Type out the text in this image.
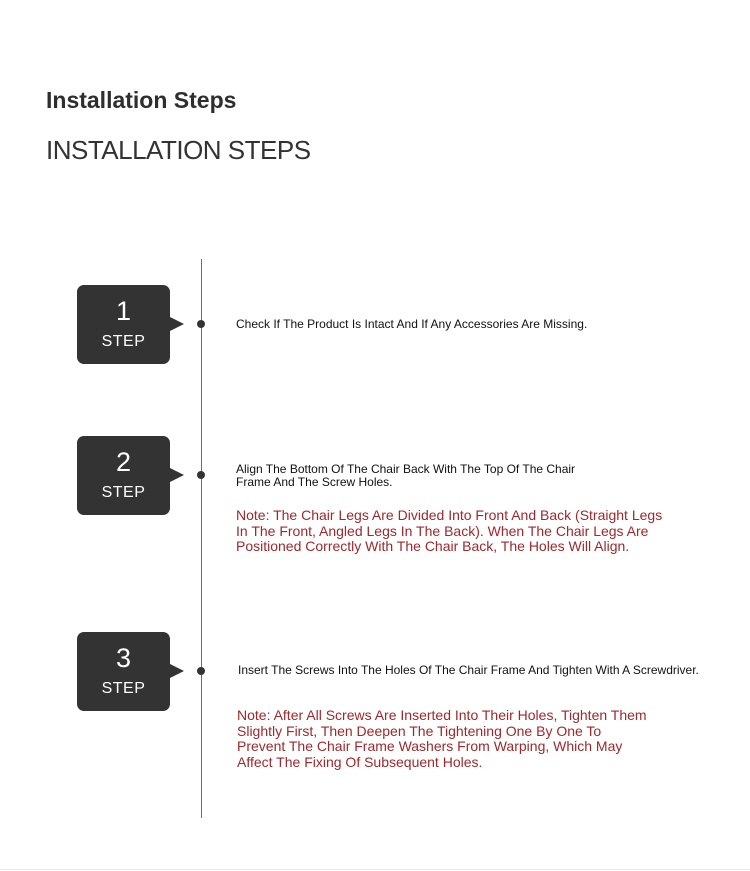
Installation Steps
INSTALLATION STEPS
1
STEP

Check If The Product Is Intact And If Any Accessories Are Missing.

2
STEP

Align The Bottom Of The Chair Back With The Top Of The Chair Frame And The Screw Holes.

Note: The Chair Legs Are Divided Into Front And Back (Straight Legs In The Front, Angled Legs In The Back). When The Chair Legs Are Positioned Correctly With The Chair Back, The Holes Will Align.

3
STEP

Insert The Screws Into The Holes Of The Chair Frame And Tighten With A Screwdriver.

Note: After All Screws Are Inserted Into Their Holes, Tighten Them Slightly First, Then Deepen The Tightening One By One To Prevent The Chair Frame Washers From Warping, Which May Affect The Fixing Of Subsequent Holes.
